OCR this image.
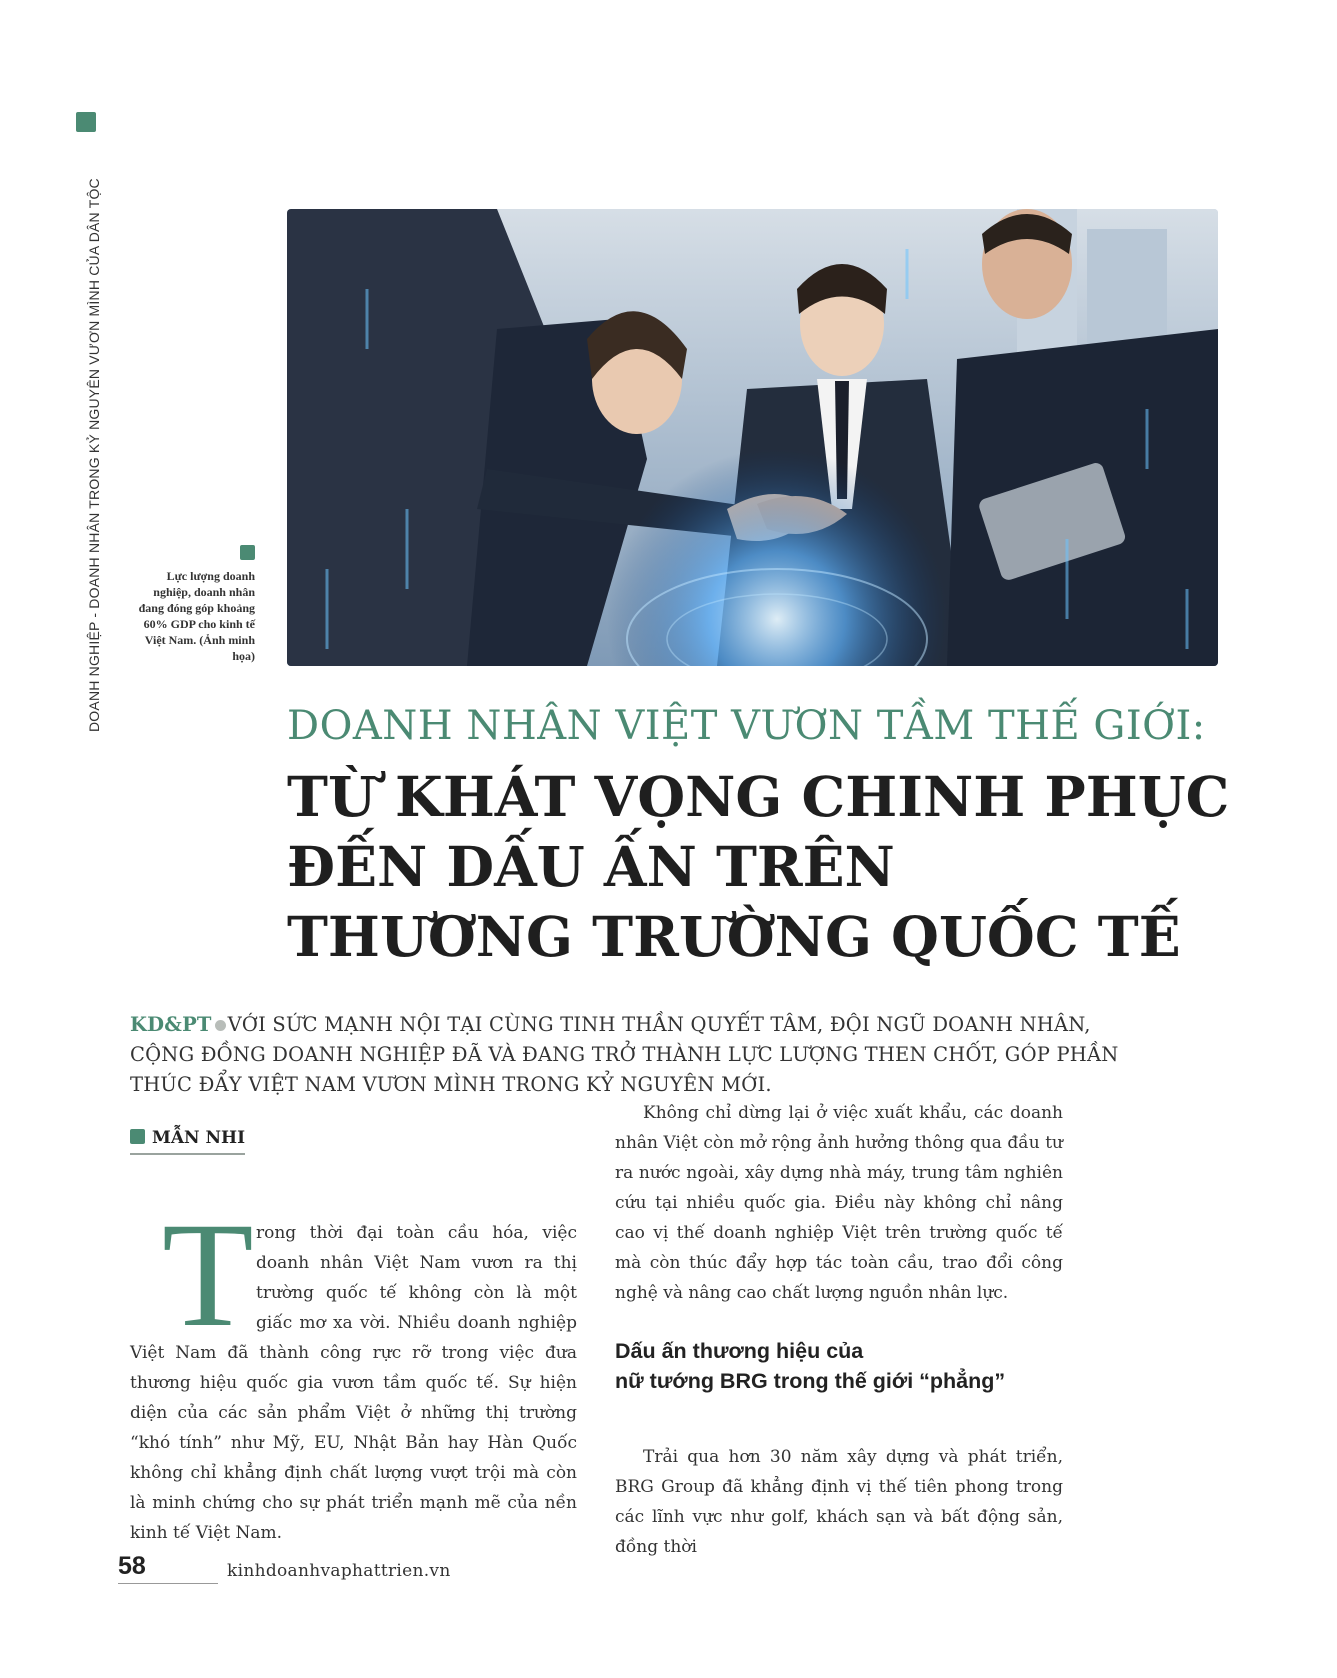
DOANH NGHIỆP - DOANH NHÂN TRONG KỶ NGUYÊN VƯƠN MÌNH CỦA DÂN TỘC	Lực lượng doanh nghiệp, doanh nhân đang đóng góp khoảng 60% GDP cho kinh tế Việt Nam. (Ảnh minh họa)
DOANH NHÂN VIỆT VƯƠN TẦM THẾ GIỚI:
TỪ KHÁT VỌNG CHINH PHỤC
ĐẾN DẤU ẤN TRÊN
THƯƠNG TRƯỜNG QUỐC TẾ
KD&PT VỚI SỨC MẠNH NỘI TẠI CÙNG TINH THẦN QUYẾT TÂM, ĐỘI NGŨ DOANH NHÂN, CỘNG ĐỒNG DOANH NGHIỆP ĐÃ VÀ ĐANG TRỞ THÀNH LỰC LƯỢNG THEN CHỐT, GÓP PHẦN THÚC ĐẨY VIỆT NAM VƯƠN MÌNH TRONG KỶ NGUYÊN MỚI.
MẪN NHI
T rong thời đại toàn cầu hóa, việc doanh nhân Việt Nam vươn ra thị trường quốc tế không còn là một giấc mơ xa vời. Nhiều doanh nghiệp Việt Nam đã thành công rực rỡ trong việc đưa thương hiệu quốc gia vươn tầm quốc tế. Sự hiện diện của các sản phẩm Việt ở những thị trường “khó tính” như Mỹ, EU, Nhật Bản hay Hàn Quốc không chỉ khẳng định chất lượng vượt trội mà còn là minh chứng cho sự phát triển mạnh mẽ của nền kinh tế Việt Nam.

Không chỉ dừng lại ở việc xuất khẩu, các doanh nhân Việt còn mở rộng ảnh hưởng thông qua đầu tư ra nước ngoài, xây dựng nhà máy, trung tâm nghiên cứu tại nhiều quốc gia. Điều này không chỉ nâng cao vị thế doanh nghiệp Việt trên trường quốc tế mà còn thúc đẩy hợp tác toàn cầu, trao đổi công nghệ và nâng cao chất lượng nguồn nhân lực.

Dấu ấn thương hiệu của
nữ tướng BRG trong thế giới “phẳng”

Trải qua hơn 30 năm xây dựng và phát triển, BRG Group đã khẳng định vị thế tiên phong trong các lĩnh vực như golf, khách sạn và bất động sản, đồng thời

58	kinhdoanhvaphattrien.vn
